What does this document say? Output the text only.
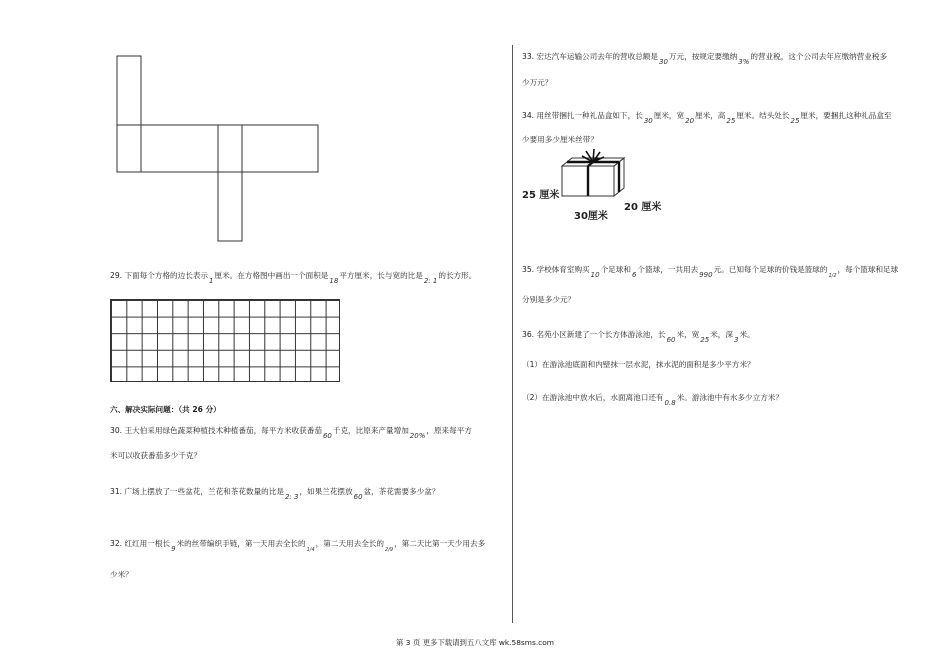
29. 下面每个方格的边长表示1厘米。在方格图中画出一个面积是18平方厘米，长与宽的比是2: 1的长方形。
六、解决实际问题：（共 26 分）
30. 王大伯采用绿色蔬菜种植技术种植番茄，每平方米收获番茄60千克，比原来产量增加20%，原来每平方
米可以收获番茄多少千克？
31. 广场上摆放了一些盆花，兰花和茶花数量的比是2: 3，如果兰花摆放60盆，茶花需要多少盆？
32. 红红用一根长9米的丝带编织手链，第一天用去全长的1/4，第二天用去全长的2/9，第二天比第一天少用去多
少米？
33. 宏达汽车运输公司去年的营收总额是30万元，按规定要缴纳3%的营业税，这个公司去年应缴纳营业税多
少万元？
34. 用丝带捆扎一种礼品盒如下，长30厘米，宽20厘米，高25厘米。结头处长25厘米，要捆扎这种礼品盒至
少要用多少厘米丝带？
25 厘米
30厘米
20 厘米
35. 学校体育室购买10个足球和6个篮球，一共用去990元。已知每个足球的价钱是篮球的1/2，每个篮球和足球
分别是多少元？
36. 名苑小区新建了一个长方体游泳池，长60米，宽25米，深3米。
（1）在游泳池底面和内壁抹一层水泥，抹水泥的面积是多少平方米？
（2）在游泳池中放水后，水面离池口还有0.8米。游泳池中有水多少立方米？
第 3 页 更多下载请到五八文库 wk.58sms.com
